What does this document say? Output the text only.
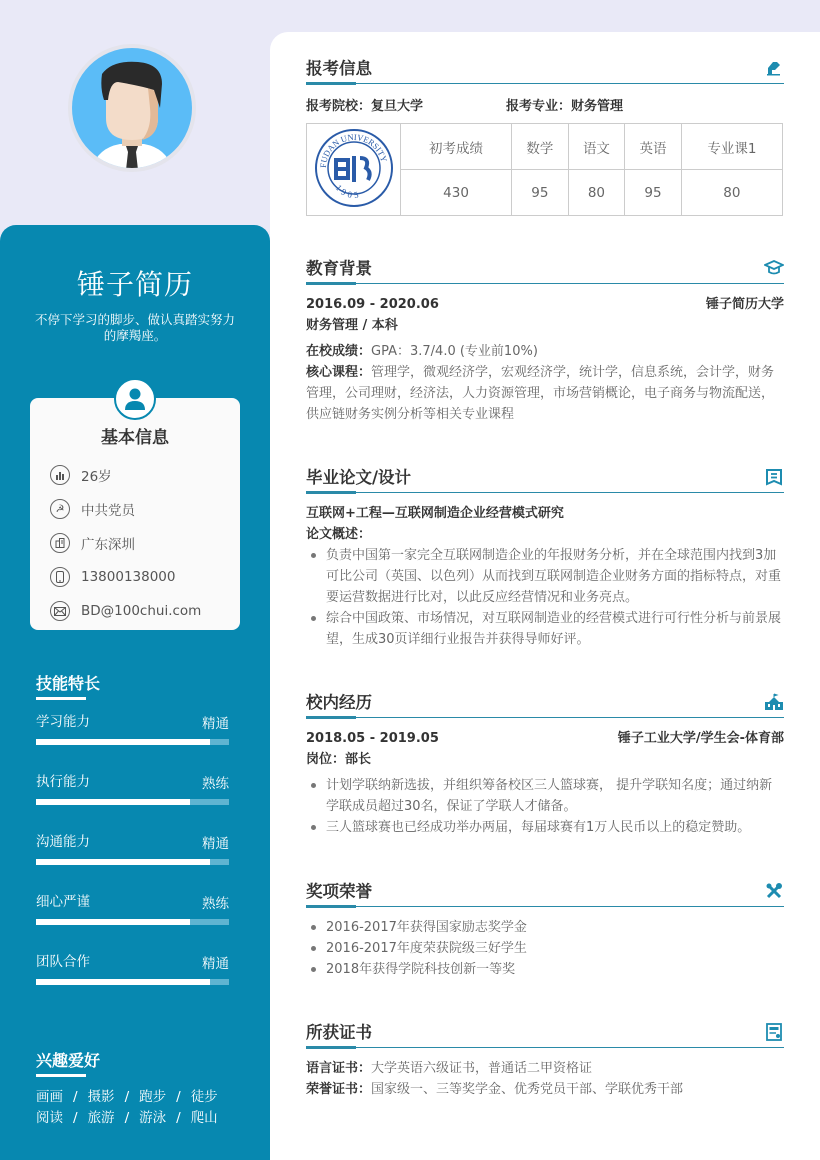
锤子简历

不停下学习的脚步、做认真踏实努力的摩羯座。

基本信息
26岁
☭	中共党员
广东深圳
13800138000
BD@100chui.com
技能特长
学习能力	精通
执行能力	熟练
沟通能力	精通
细心严谨	熟练
团队合作	精通
兴趣爱好
画画 / 摄影 / 跑步 / 徒步
阅读 / 旅游 / 游泳 / 爬山
报考信息
报考院校：复旦大学	报考专业：财务管理
FUDAN UNIVERSITY
1905	初考成绩	数学	语文	英语	专业课1
	430	95	80	95	80
教育背景
2016.09 - 2020.06	锤子简历大学
财务管理 / 本科
在校成绩：GPA：3.7/4.0 (专业前10%)
核心课程：管理学，微观经济学，宏观经济学，统计学，信息系统，会计学，财务管理，公司理财，经济法，人力资源管理，市场营销概论，电子商务与物流配送，供应链财务实例分析等相关专业课程
毕业论文/设计
互联网+工程—互联网制造企业经营模式研究
论文概述：
负责中国第一家完全互联网制造企业的年报财务分析，并在全球范围内找到3加可比公司（英国、以色列）从而找到互联网制造企业财务方面的指标特点，对重要运营数据进行比对，以此反应经营情况和业务亮点。
综合中国政策、市场情况，对互联网制造业的经营模式进行可行性分析与前景展望，生成30页详细行业报告并获得导师好评。
校内经历
2018.05 - 2019.05	锤子工业大学/学生会-体育部
岗位：部长
计划学联纳新选拔，并组织筹备校区三人篮球赛， 提升学联知名度；通过纳新学联成员超过30名，保证了学联人才储备。
三人篮球赛也已经成功举办两届，每届球赛有1万人民币以上的稳定赞助。
奖项荣誉
2016-2017年获得国家励志奖学金
2016-2017年度荣获院级三好学生
2018年获得学院科技创新一等奖
所获证书
语言证书：大学英语六级证书，普通话二甲资格证
荣誉证书：国家级一、三等奖学金、优秀党员干部、学联优秀干部
